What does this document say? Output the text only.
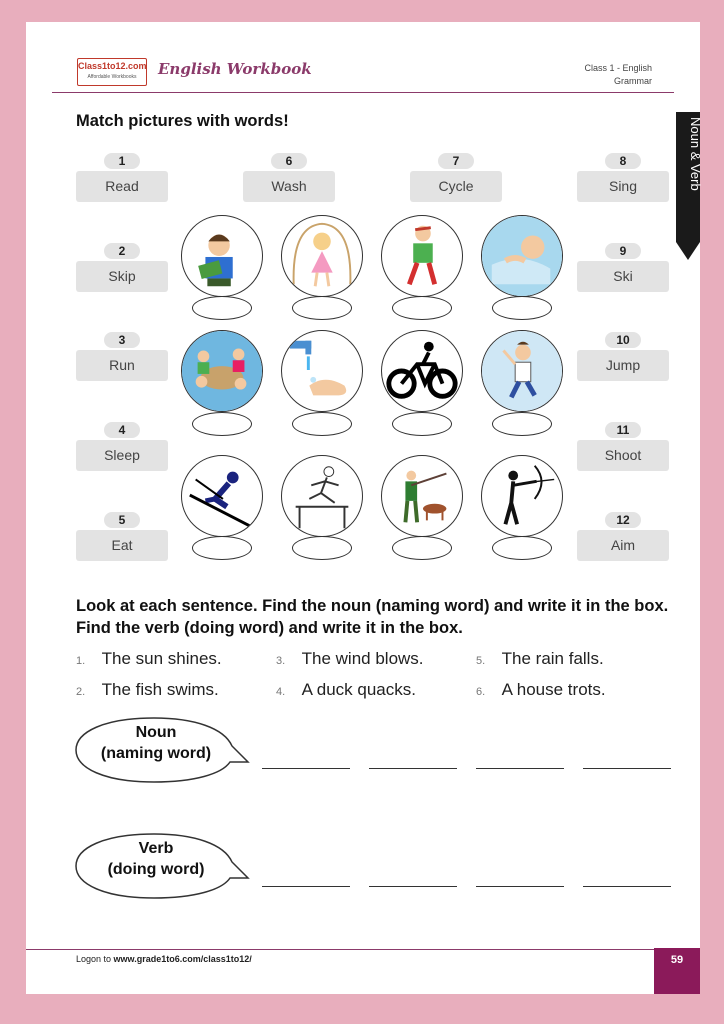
Class1to12.com
Affordable Workbooks	English Workbook	Class 1 - English
Grammar
Noun & Verb
Match pictures with words!
1
Read
2
Skip
3
Run
4
Sleep
5
Eat
6
Wash
7
Cycle
8
Sing
9
Ski
10
Jump
11
Shoot
12
Aim
Look at each sentence. Find the noun (naming word) and write it in the box. Find the verb (doing word) and write it in the box.
1. The sun shines.	3. The wind blows.	5. The rain falls.
2. The fish swims.	4. A duck quacks.	6. A house trots.
Noun
(naming word)
Verb
(doing word)
Logon to www.grade1to6.com/class1to12/	59
